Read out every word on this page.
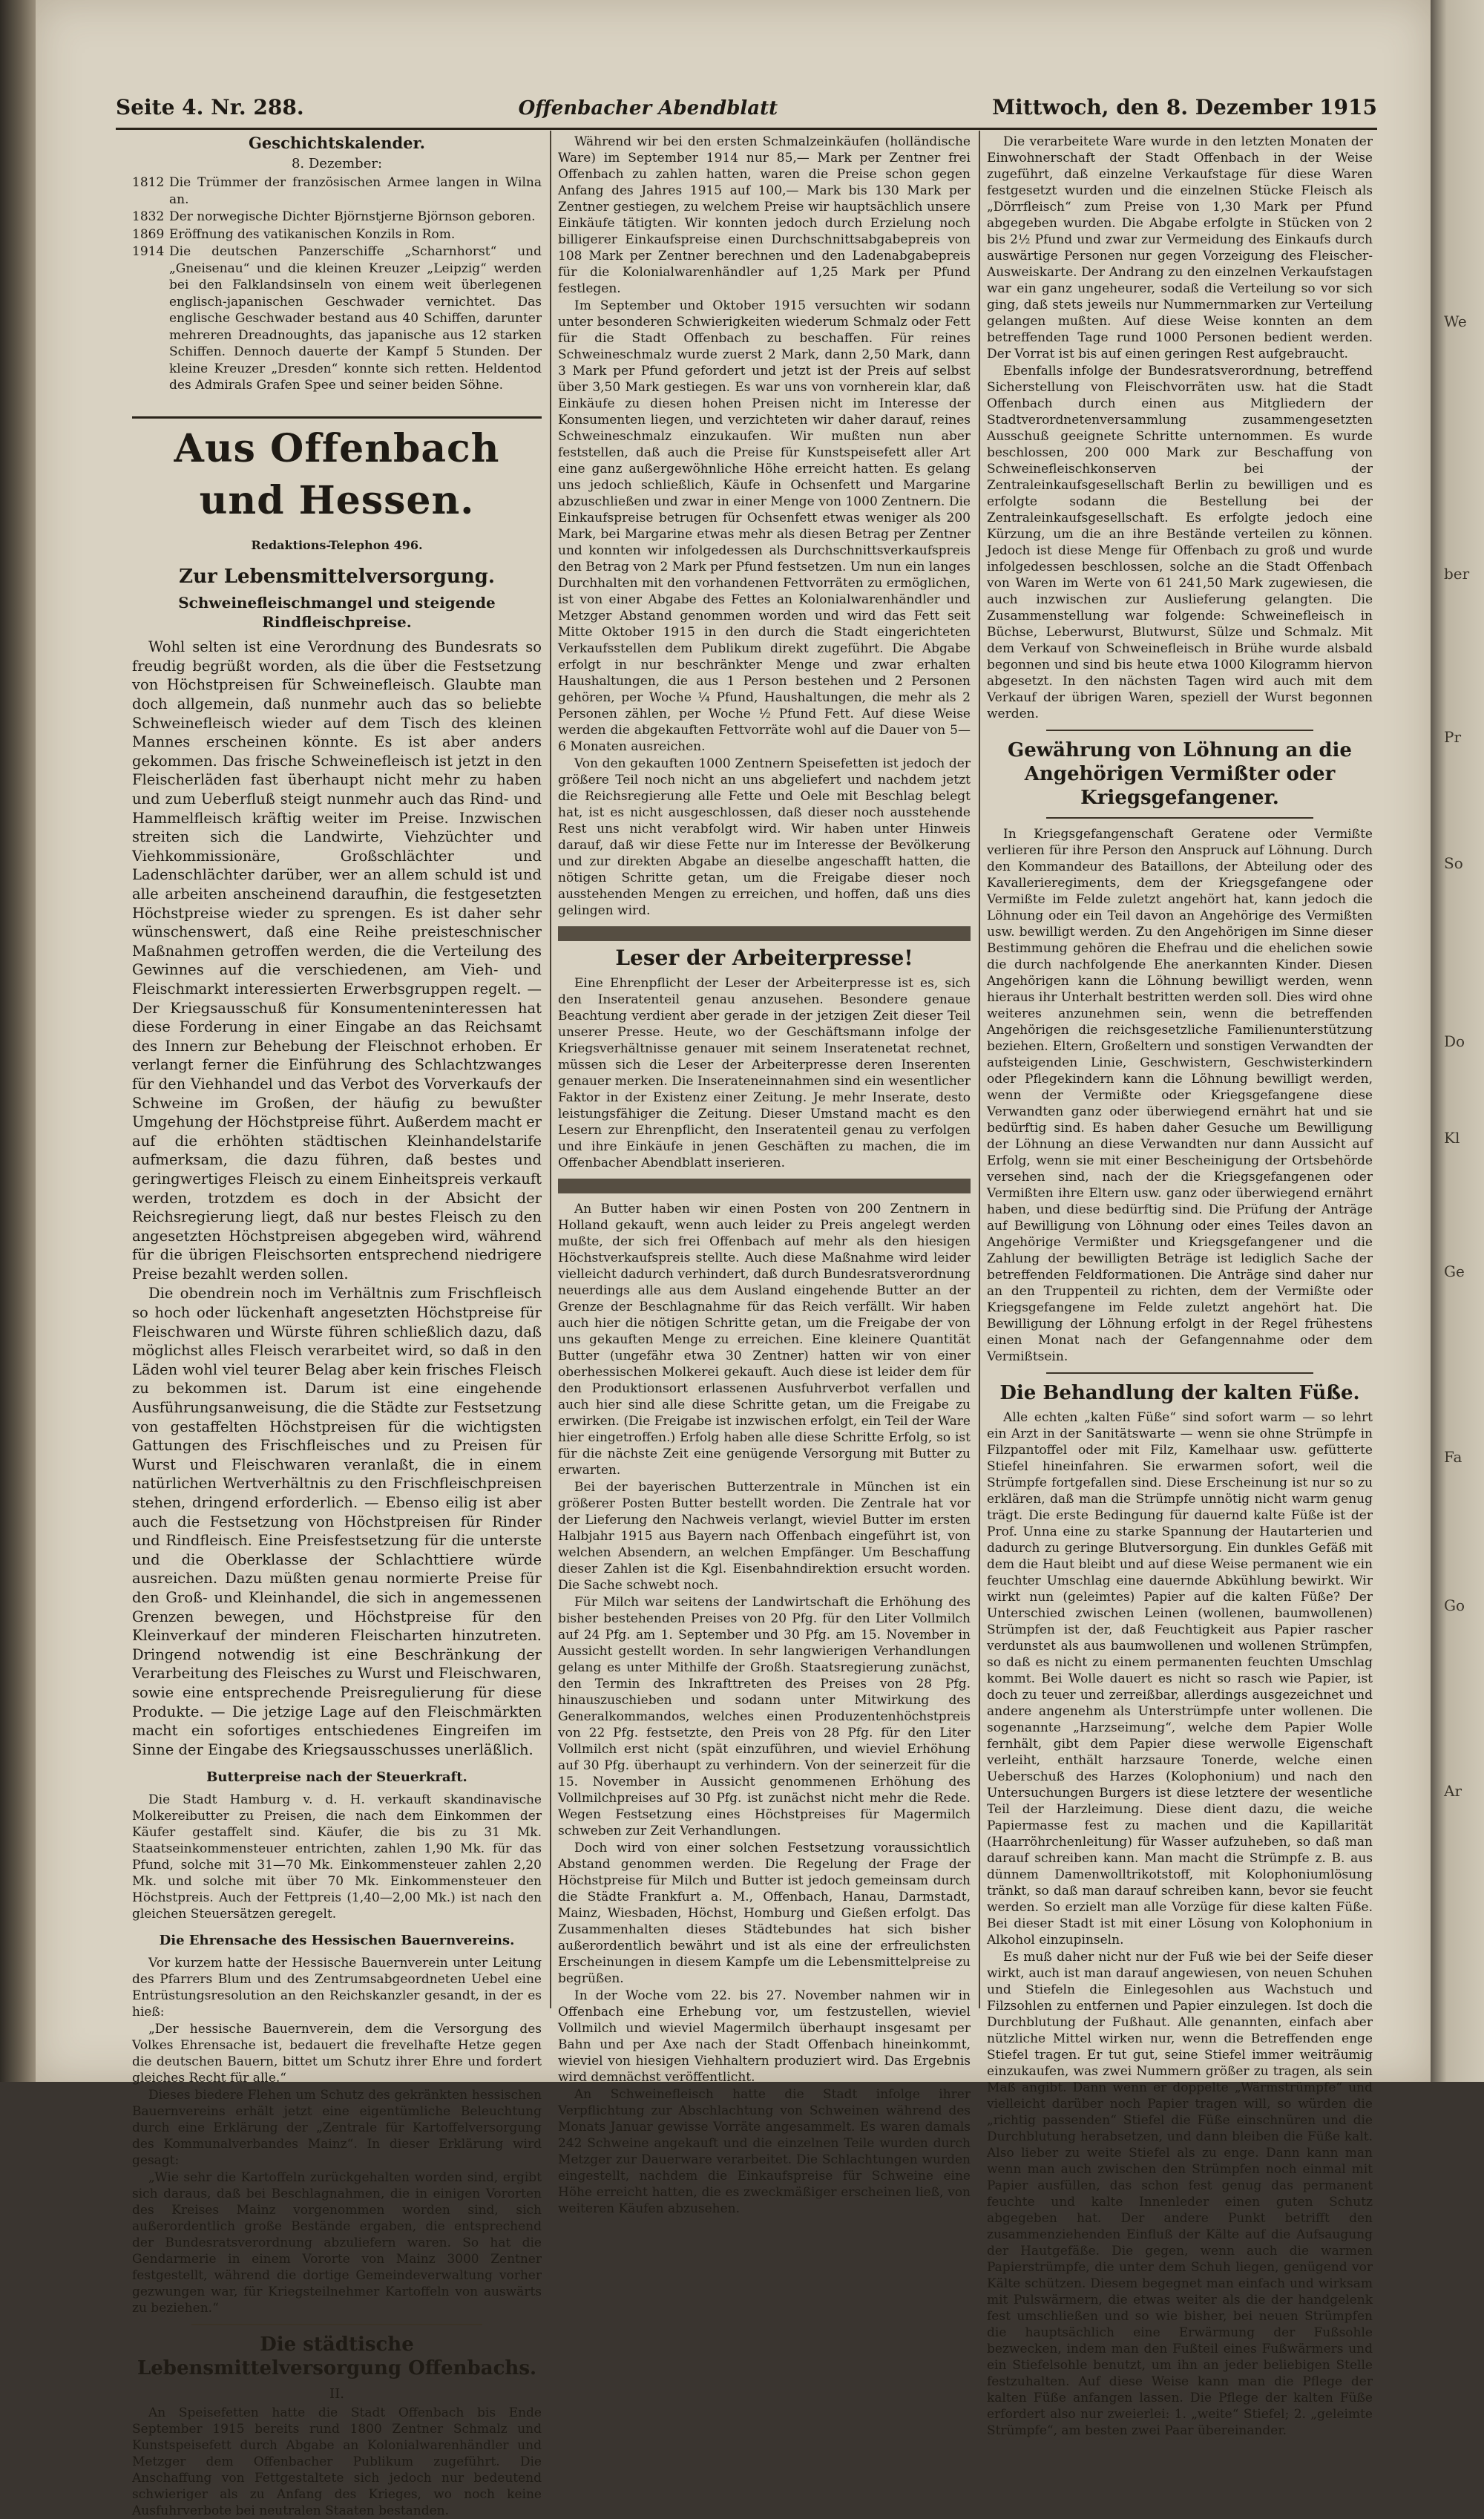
Seite 4. Nr. 288.	Offenbacher Abendblatt	Mittwoch, den 8. Dezember 1915
Geschichtskalender.
8. Dezember:

1812 Die Trümmer der französischen Armee langen in Wilna an.

1832 Der norwegische Dichter Björnstjerne Björnson geboren.

1869 Eröffnung des vatikanischen Konzils in Rom.

1914 Die deutschen Panzerschiffe „Scharnhorst“ und „Gneisenau“ und die kleinen Kreuzer „Leipzig“ werden bei den Falklandsinseln von einem weit überlegenen englisch-japanischen Geschwader vernichtet. Das englische Geschwader bestand aus 40 Schiffen, darunter mehreren Dreadnoughts, das japanische aus 12 starken Schiffen. Dennoch dauerte der Kampf 5 Stunden. Der kleine Kreuzer „Dresden“ konnte sich retten. Heldentod des Admirals Grafen Spee und seiner beiden Söhne.

Aus Offenbach und Hessen.
Redaktions-Telephon 496.
Zur Lebensmittelversorgung.
Schweinefleischmangel und steigende Rindfleischpreise.

Wohl selten ist eine Verordnung des Bundesrats so freudig begrüßt worden, als die über die Festsetzung von Höchstpreisen für Schweinefleisch. Glaubte man doch allgemein, daß nunmehr auch das so beliebte Schweinefleisch wieder auf dem Tisch des kleinen Mannes erscheinen könnte. Es ist aber anders gekommen. Das frische Schweinefleisch ist jetzt in den Fleischerläden fast überhaupt nicht mehr zu haben und zum Ueberfluß steigt nunmehr auch das Rind- und Hammelfleisch kräftig weiter im Preise. Inzwischen streiten sich die Landwirte, Viehzüchter und Viehkommissionäre, Großschlächter und Ladenschlächter darüber, wer an allem schuld ist und alle arbeiten anscheinend daraufhin, die festgesetzten Höchstpreise wieder zu sprengen. Es ist daher sehr wünschenswert, daß eine Reihe preisteschnischer Maßnahmen getroffen werden, die die Verteilung des Gewinnes auf die verschiedenen, am Vieh- und Fleischmarkt interessierten Erwerbsgruppen regelt. — Der Kriegsausschuß für Konsumenteninteressen hat diese Forderung in einer Eingabe an das Reichsamt des Innern zur Behebung der Fleischnot erhoben. Er verlangt ferner die Einführung des Schlachtzwanges für den Viehhandel und das Verbot des Vorverkaufs der Schweine im Großen, der häufig zu bewußter Umgehung der Höchstpreise führt. Außerdem macht er auf die erhöhten städtischen Kleinhandelstarife aufmerksam, die dazu führen, daß bestes und geringwertiges Fleisch zu einem Einheitspreis verkauft werden, trotzdem es doch in der Absicht der Reichsregierung liegt, daß nur bestes Fleisch zu den angesetzten Höchstpreisen abgegeben wird, während für die übrigen Fleischsorten entsprechend niedrigere Preise bezahlt werden sollen.

Die obendrein noch im Verhältnis zum Frischfleisch so hoch oder lückenhaft angesetzten Höchstpreise für Fleischwaren und Würste führen schließlich dazu, daß möglichst alles Fleisch verarbeitet wird, so daß in den Läden wohl viel teurer Belag aber kein frisches Fleisch zu bekommen ist. Darum ist eine eingehende Ausführungsanweisung, die die Städte zur Festsetzung von gestaffelten Höchstpreisen für die wichtigsten Gattungen des Frischfleisches und zu Preisen für Wurst und Fleischwaren veranlaßt, die in einem natürlichen Wertverhältnis zu den Frischfleischpreisen stehen, dringend erforderlich. — Ebenso eilig ist aber auch die Festsetzung von Höchstpreisen für Rinder und Rindfleisch. Eine Preisfestsetzung für die unterste und die Oberklasse der Schlachttiere würde ausreichen. Dazu müßten genau normierte Preise für den Groß- und Kleinhandel, die sich in angemessenen Grenzen bewegen, und Höchstpreise für den Kleinverkauf der minderen Fleischarten hinzutreten. Dringend notwendig ist eine Beschränkung der Verarbeitung des Fleisches zu Wurst und Fleischwaren, sowie eine entsprechende Preisregulierung für diese Produkte. — Die jetzige Lage auf den Fleischmärkten macht ein sofortiges entschiedenes Eingreifen im Sinne der Eingabe des Kriegsausschusses unerläßlich.

Butterpreise nach der Steuerkraft.

Die Stadt Hamburg v. d. H. verkauft skandinavische Molkereibutter zu Preisen, die nach dem Einkommen der Käufer gestaffelt sind. Käufer, die bis zu 31 Mk. Staatseinkommensteuer entrichten, zahlen 1,90 Mk. für das Pfund, solche mit 31—70 Mk. Einkommensteuer zahlen 2,20 Mk. und solche mit über 70 Mk. Einkommensteuer den Höchstpreis. Auch der Fettpreis (1,40—2,00 Mk.) ist nach den gleichen Steuersätzen geregelt.

Die Ehrensache des Hessischen Bauernvereins.

Vor kurzem hatte der Hessische Bauernverein unter Leitung des Pfarrers Blum und des Zentrumsabgeordneten Uebel eine Entrüstungsresolution an den Reichskanzler gesandt, in der es hieß:

„Der hessische Bauernverein, dem die Versorgung des Volkes Ehrensache ist, bedauert die frevelhafte Hetze gegen die deutschen Bauern, bittet um Schutz ihrer Ehre und fordert gleiches Recht für alle.“

Dieses biedere Flehen um Schutz des gekränkten hessischen Bauernvereins erhält jetzt eine eigentümliche Beleuchtung durch eine Erklärung der „Zentrale für Kartoffelversorgung des Kommunalverbandes Mainz“. In dieser Erklärung wird gesagt:

„Wie sehr die Kartoffeln zurückgehalten worden sind, ergibt sich daraus, daß bei Beschlagnahmen, die in einigen Vororten des Kreises Mainz vorgenommen worden sind, sich außerordentlich große Bestände ergaben, die entsprechend der Bundesratsverordnung abzuliefern waren. So hat die Gendarmerie in einem Vororte von Mainz 3000 Zentner festgestellt, während die dortige Gemeindeverwaltung vorher gezwungen war, für Kriegsteilnehmer Kartoffeln von auswärts zu beziehen.“

Die städtische Lebensmittelversorgung Offenbachs.
II.

An Speisefetten hatte die Stadt Offenbach bis Ende September 1915 bereits rund 1800 Zentner Schmalz und Kunstspeisefett durch Abgabe an Kolonialwarenhändler und Metzger dem Offenbacher Publikum zugeführt. Die Anschaffung von Fettgestaltete sich jedoch nur bedeutend schwieriger als zu Anfang des Krieges, wo noch keine Ausfuhrverbote bei neutralen Staaten bestanden.

Während wir bei den ersten Schmalzeinkäufen (holländische Ware) im September 1914 nur 85,— Mark per Zentner frei Offenbach zu zahlen hatten, waren die Preise schon gegen Anfang des Jahres 1915 auf 100,— Mark bis 130 Mark per Zentner gestiegen, zu welchem Preise wir hauptsächlich unsere Einkäufe tätigten. Wir konnten jedoch durch Erzielung noch billigerer Einkaufspreise einen Durchschnittsabgabepreis von 108 Mark per Zentner berechnen und den Ladenabgabepreis für die Kolonialwarenhändler auf 1,25 Mark per Pfund festlegen.

Im September und Oktober 1915 versuchten wir sodann unter besonderen Schwierigkeiten wiederum Schmalz oder Fett für die Stadt Offenbach zu beschaffen. Für reines Schweineschmalz wurde zuerst 2 Mark, dann 2,50 Mark, dann 3 Mark per Pfund gefordert und jetzt ist der Preis auf selbst über 3,50 Mark gestiegen. Es war uns von vornherein klar, daß Einkäufe zu diesen hohen Preisen nicht im Interesse der Konsumenten liegen, und verzichteten wir daher darauf, reines Schweineschmalz einzukaufen. Wir mußten nun aber feststellen, daß auch die Preise für Kunstspeisefett aller Art eine ganz außergewöhnliche Höhe erreicht hatten. Es gelang uns jedoch schließlich, Käufe in Ochsenfett und Margarine abzuschließen und zwar in einer Menge von 1000 Zentnern. Die Einkaufspreise betrugen für Ochsenfett etwas weniger als 200 Mark, bei Margarine etwas mehr als diesen Betrag per Zentner und konnten wir infolgedessen als Durchschnittsverkaufspreis den Betrag von 2 Mark per Pfund festsetzen. Um nun ein langes Durchhalten mit den vorhandenen Fettvorräten zu ermöglichen, ist von einer Abgabe des Fettes an Kolonialwarenhändler und Metzger Abstand genommen worden und wird das Fett seit Mitte Oktober 1915 in den durch die Stadt eingerichteten Verkaufsstellen dem Publikum direkt zugeführt. Die Abgabe erfolgt in nur beschränkter Menge und zwar erhalten Haushaltungen, die aus 1 Person bestehen und 2 Personen gehören, per Woche ¼ Pfund, Haushaltungen, die mehr als 2 Personen zählen, per Woche ½ Pfund Fett. Auf diese Weise werden die abgekauften Fettvorräte wohl auf die Dauer von 5—6 Monaten ausreichen.

Von den gekauften 1000 Zentnern Speisefetten ist jedoch der größere Teil noch nicht an uns abgeliefert und nachdem jetzt die Reichsregierung alle Fette und Oele mit Beschlag belegt hat, ist es nicht ausgeschlossen, daß dieser noch ausstehende Rest uns nicht verabfolgt wird. Wir haben unter Hinweis darauf, daß wir diese Fette nur im Interesse der Bevölkerung und zur direkten Abgabe an dieselbe angeschafft hatten, die nötigen Schritte getan, um die Freigabe dieser noch ausstehenden Mengen zu erreichen, und hoffen, daß uns dies gelingen wird.

Leser der Arbeiterpresse!

Eine Ehrenpflicht der Leser der Arbeiterpresse ist es, sich den Inseratenteil genau anzusehen. Besondere genaue Beachtung verdient aber gerade in der jetzigen Zeit dieser Teil unserer Presse. Heute, wo der Geschäftsmann infolge der Kriegsverhältnisse genauer mit seinem Inseratenetat rechnet, müssen sich die Leser der Arbeiterpresse deren Inserenten genauer merken. Die Inserateneinnahmen sind ein wesentlicher Faktor in der Existenz einer Zeitung. Je mehr Inserate, desto leistungsfähiger die Zeitung. Dieser Umstand macht es den Lesern zur Ehrenpflicht, den Inseratenteil genau zu verfolgen und ihre Einkäufe in jenen Geschäften zu machen, die im Offenbacher Abendblatt inserieren.

An Butter haben wir einen Posten von 200 Zentnern in Holland gekauft, wenn auch leider zu Preis angelegt werden mußte, der sich frei Offenbach auf mehr als den hiesigen Höchstverkaufspreis stellte. Auch diese Maßnahme wird leider vielleicht dadurch verhindert, daß durch Bundesratsverordnung neuerdings alle aus dem Ausland eingehende Butter an der Grenze der Beschlagnahme für das Reich verfällt. Wir haben auch hier die nötigen Schritte getan, um die Freigabe der von uns gekauften Menge zu erreichen. Eine kleinere Quantität Butter (ungefähr etwa 30 Zentner) hatten wir von einer oberhessischen Molkerei gekauft. Auch diese ist leider dem für den Produktionsort erlassenen Ausfuhrverbot verfallen und auch hier sind alle diese Schritte getan, um die Freigabe zu erwirken. (Die Freigabe ist inzwischen erfolgt, ein Teil der Ware hier eingetroffen.) Erfolg haben alle diese Schritte Erfolg, so ist für die nächste Zeit eine genügende Versorgung mit Butter zu erwarten.

Bei der bayerischen Butterzentrale in München ist ein größerer Posten Butter bestellt worden. Die Zentrale hat vor der Lieferung den Nachweis verlangt, wieviel Butter im ersten Halbjahr 1915 aus Bayern nach Offenbach eingeführt ist, von welchen Absendern, an welchen Empfänger. Um Beschaffung dieser Zahlen ist die Kgl. Eisenbahndirektion ersucht worden. Die Sache schwebt noch.

Für Milch war seitens der Landwirtschaft die Erhöhung des bisher bestehenden Preises von 20 Pfg. für den Liter Vollmilch auf 24 Pfg. am 1. September und 30 Pfg. am 15. November in Aussicht gestellt worden. In sehr langwierigen Verhandlungen gelang es unter Mithilfe der Großh. Staatsregierung zunächst, den Termin des Inkrafttreten des Preises von 28 Pfg. hinauszuschieben und sodann unter Mitwirkung des Generalkommandos, welches einen Produzentenhöchstpreis von 22 Pfg. festsetzte, den Preis von 28 Pfg. für den Liter Vollmilch erst nicht (spät einzuführen, und wieviel Erhöhung auf 30 Pfg. überhaupt zu verhindern. Von der seinerzeit für die 15. November in Aussicht genommenen Erhöhung des Vollmilchpreises auf 30 Pfg. ist zunächst nicht mehr die Rede. Wegen Festsetzung eines Höchstpreises für Magermilch schweben zur Zeit Verhandlungen.

Doch wird von einer solchen Festsetzung voraussichtlich Abstand genommen werden. Die Regelung der Frage der Höchstpreise für Milch und Butter ist jedoch gemeinsam durch die Städte Frankfurt a. M., Offenbach, Hanau, Darmstadt, Mainz, Wiesbaden, Höchst, Homburg und Gießen erfolgt. Das Zusammenhalten dieses Städtebundes hat sich bisher außerordentlich bewährt und ist als eine der erfreulichsten Erscheinungen in diesem Kampfe um die Lebensmittelpreise zu begrüßen.

In der Woche vom 22. bis 27. November nahmen wir in Offenbach eine Erhebung vor, um festzustellen, wieviel Vollmilch und wieviel Magermilch überhaupt insgesamt per Bahn und per Axe nach der Stadt Offenbach hineinkommt, wieviel von hiesigen Viehhaltern produziert wird. Das Ergebnis wird demnächst veröffentlicht.

An Schweinefleisch hatte die Stadt infolge ihrer Verpflichtung zur Abschlachtung von Schweinen während des Monats Januar gewisse Vorräte angesammelt. Es waren damals 242 Schweine angekauft und die einzelnen Teile wurden durch Metzger zur Dauerware verarbeitet. Die Schlachtungen wurden eingestellt, nachdem die Einkaufspreise für Schweine eine Höhe erreicht hatten, die es zweckmäßiger erscheinen ließ, von weiteren Käufen abzusehen.

Die verarbeitete Ware wurde in den letzten Monaten der Einwohnerschaft der Stadt Offenbach in der Weise zugeführt, daß einzelne Verkaufstage für diese Waren festgesetzt wurden und die einzelnen Stücke Fleisch als „Dörrfleisch“ zum Preise von 1,30 Mark per Pfund abgegeben wurden. Die Abgabe erfolgte in Stücken von 2 bis 2½ Pfund und zwar zur Vermeidung des Einkaufs durch auswärtige Personen nur gegen Vorzeigung des Fleischer-Ausweiskarte. Der Andrang zu den einzelnen Verkaufstagen war ein ganz ungeheurer, sodaß die Verteilung so vor sich ging, daß stets jeweils nur Nummernmarken zur Verteilung gelangen mußten. Auf diese Weise konnten an dem betreffenden Tage rund 1000 Personen bedient werden. Der Vorrat ist bis auf einen geringen Rest aufgebraucht.

Ebenfalls infolge der Bundesratsverordnung, betreffend Sicherstellung von Fleischvorräten usw. hat die Stadt Offenbach durch einen aus Mitgliedern der Stadtverordnetenversammlung zusammengesetzten Ausschuß geeignete Schritte unternommen. Es wurde beschlossen, 200 000 Mark zur Beschaffung von Schweinefleischkonserven bei der Zentraleinkaufsgesellschaft Berlin zu bewilligen und es erfolgte sodann die Bestellung bei der Zentraleinkaufsgesellschaft. Es erfolgte jedoch eine Kürzung, um die an ihre Bestände verteilen zu können. Jedoch ist diese Menge für Offenbach zu groß und wurde infolgedessen beschlossen, solche an die Stadt Offenbach von Waren im Werte von 61 241,50 Mark zugewiesen, die auch inzwischen zur Auslieferung gelangten. Die Zusammenstellung war folgende: Schweinefleisch in Büchse, Leberwurst, Blutwurst, Sülze und Schmalz. Mit dem Verkauf von Schweinefleisch in Brühe wurde alsbald begonnen und sind bis heute etwa 1000 Kilogramm hiervon abgesetzt. In den nächsten Tagen wird auch mit dem Verkauf der übrigen Waren, speziell der Wurst begonnen werden.

Gewährung von Löhnung an die Angehörigen Vermißter oder Kriegsgefangener.

In Kriegsgefangenschaft Geratene oder Vermißte verlieren für ihre Person den Anspruck auf Löhnung. Durch den Kommandeur des Bataillons, der Abteilung oder des Kavallerieregiments, dem der Kriegsgefangene oder Vermißte im Felde zuletzt angehört hat, kann jedoch die Löhnung oder ein Teil davon an Angehörige des Vermißten usw. bewilligt werden. Zu den Angehörigen im Sinne dieser Bestimmung gehören die Ehefrau und die ehelichen sowie die durch nachfolgende Ehe anerkannten Kinder. Diesen Angehörigen kann die Löhnung bewilligt werden, wenn hieraus ihr Unterhalt bestritten werden soll. Dies wird ohne weiteres anzunehmen sein, wenn die betreffenden Angehörigen die reichsgesetzliche Familienunterstützung beziehen. Eltern, Großeltern und sonstigen Verwandten der aufsteigenden Linie, Geschwistern, Geschwisterkindern oder Pflegekindern kann die Löhnung bewilligt werden, wenn der Vermißte oder Kriegsgefangene diese Verwandten ganz oder überwiegend ernährt hat und sie bedürftig sind. Es haben daher Gesuche um Bewilligung der Löhnung an diese Verwandten nur dann Aussicht auf Erfolg, wenn sie mit einer Bescheinigung der Ortsbehörde versehen sind, nach der die Kriegsgefangenen oder Vermißten ihre Eltern usw. ganz oder überwiegend ernährt haben, und diese bedürftig sind. Die Prüfung der Anträge auf Bewilligung von Löhnung oder eines Teiles davon an Angehörige Vermißter und Kriegsgefangener und die Zahlung der bewilligten Beträge ist lediglich Sache der betreffenden Feldformationen. Die Anträge sind daher nur an den Truppenteil zu richten, dem der Vermißte oder Kriegsgefangene im Felde zuletzt angehört hat. Die Bewilligung der Löhnung erfolgt in der Regel frühestens einen Monat nach der Gefangennahme oder dem Vermißtsein.

Die Behandlung der kalten Füße.

Alle echten „kalten Füße“ sind sofort warm — so lehrt ein Arzt in der Sanitätswarte — wenn sie ohne Strümpfe in Filzpantoffel oder mit Filz, Kamelhaar usw. gefütterte Stiefel hineinfahren. Sie erwarmen sofort, weil die Strümpfe fortgefallen sind. Diese Erscheinung ist nur so zu erklären, daß man die Strümpfe unnötig nicht warm genug trägt. Die erste Bedingung für dauernd kalte Füße ist der Prof. Unna eine zu starke Spannung der Hautarterien und dadurch zu geringe Blutversorgung. Ein dunkles Gefäß mit dem die Haut bleibt und auf diese Weise permanent wie ein feuchter Umschlag eine dauernde Abkühlung bewirkt. Wir wirkt nun (geleimtes) Papier auf die kalten Füße? Der Unterschied zwischen Leinen (wollenen, baumwollenen) Strümpfen ist der, daß Feuchtigkeit aus Papier rascher verdunstet als aus baumwollenen und wollenen Strümpfen, so daß es nicht zu einem permanenten feuchten Umschlag kommt. Bei Wolle dauert es nicht so rasch wie Papier, ist doch zu teuer und zerreißbar, allerdings ausgezeichnet und andere angenehm als Unterstrümpfe unter wollenen. Die sogenannte „Harzseimung“, welche dem Papier Wolle fernhält, gibt dem Papier diese werwolle Eigenschaft verleiht, enthält harzsaure Tonerde, welche einen Ueberschuß des Harzes (Kolophonium) und nach den Untersuchungen Burgers ist diese letztere der wesentliche Teil der Harzleimung. Diese dient dazu, die weiche Papiermasse fest zu machen und die Kapillarität (Haarröhrchenleitung) für Wasser aufzuheben, so daß man darauf schreiben kann. Man macht die Strümpfe z. B. aus dünnem Damenwolltrikotstoff, mit Kolophoniumlösung tränkt, so daß man darauf schreiben kann, bevor sie feucht werden. So erzielt man alle Vorzüge für diese kalten Füße. Bei dieser Stadt ist mit einer Lösung von Kolophonium in Alkohol einzupinseln.

Es muß daher nicht nur der Fuß wie bei der Seife dieser wirkt, auch ist man darauf angewiesen, von neuen Schuhen und Stiefeln die Einlegesohlen aus Wachstuch und Filzsohlen zu entfernen und Papier einzulegen. Ist doch die Durchblutung der Fußhaut. Alle genannten, einfach aber nützliche Mittel wirken nur, wenn die Betreffenden enge Stiefel tragen. Er tut gut, seine Stiefel immer weiträumig einzukaufen, was zwei Nummern größer zu tragen, als sein Maß angibt. Dann wenn er doppelte „Wärmstrümpfe“ und vielleicht darüber noch Papier tragen will, so würden die „richtig passenden“ Stiefel die Füße einschnüren und die Durchblutung herabsetzen, und dann bleiben die Füße kalt. Also lieber zu weite Stiefel als zu enge. Dann kann man wenn man auch zwischen den Strümpfen noch einmal mit Papier ausfüllen, das schon fest genug das permanent feuchte und kalte Innenleder einen guten Schutz abgegeben hat. Der andere Punkt betrifft den zusammenziehenden Einfluß der Kälte auf die Aufsaugung der Hautgefäße. Die gegen, wenn auch die warmen Papierstrümpfe, die unter dem Schuh liegen, genügend vor Kälte schützen. Diesem begegnet man einfach und wirksam mit Pulswärmern, die etwas weiter als die der handgelenk fest umschließen und so wie bisher, bei neuen Strümpfen die hauptsächlich eine Erwärmung der Fußsohle bezwecken, indem man den Fußteil eines Fußwärmers und ein Stiefelsohle benutzt, um ihn an jeder beliebigen Stelle festzuhalten. Auf diese Weise kann man die Pflege der kalten Füße anfangen lassen. Die Pflege der kalten Füße erfordert also nur zweierlei: 1. „weite“ Stiefel; 2. „geleimte Strümpfe“, am besten zwei Paar übereinander.

We
ber
Pr
So
Do
Kl
Ge
Fa
Go
Ar
